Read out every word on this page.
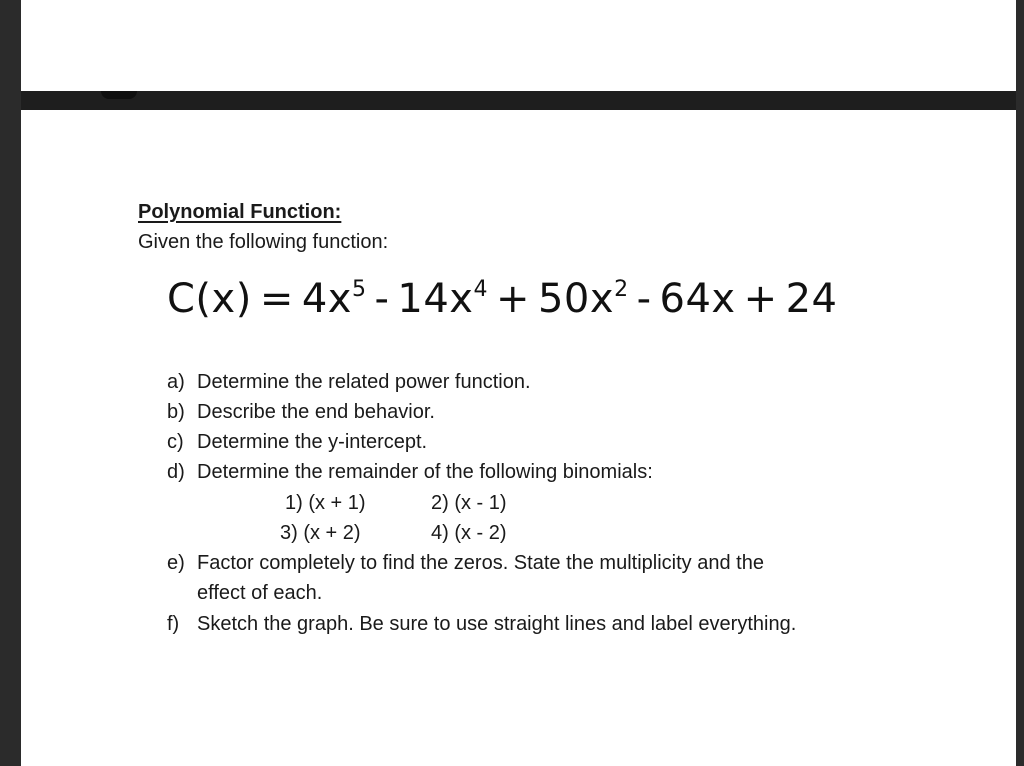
Polynomial Function:
Given the following function:
$C(x) = 4x^5 - 14x^4 + 50x^2 - 64x + 24$
a) Determine the related power function.
b) Describe the end behavior.
c) Determine the y-intercept.
d) Determine the remainder of the following binomials:
1) (x + 1)	2) (x - 1)
3) (x + 2)	4) (x - 2)
e) Factor completely to find the zeros. State the multiplicity and the
effect of each.
f) Sketch the graph. Be sure to use straight lines and label everything.
